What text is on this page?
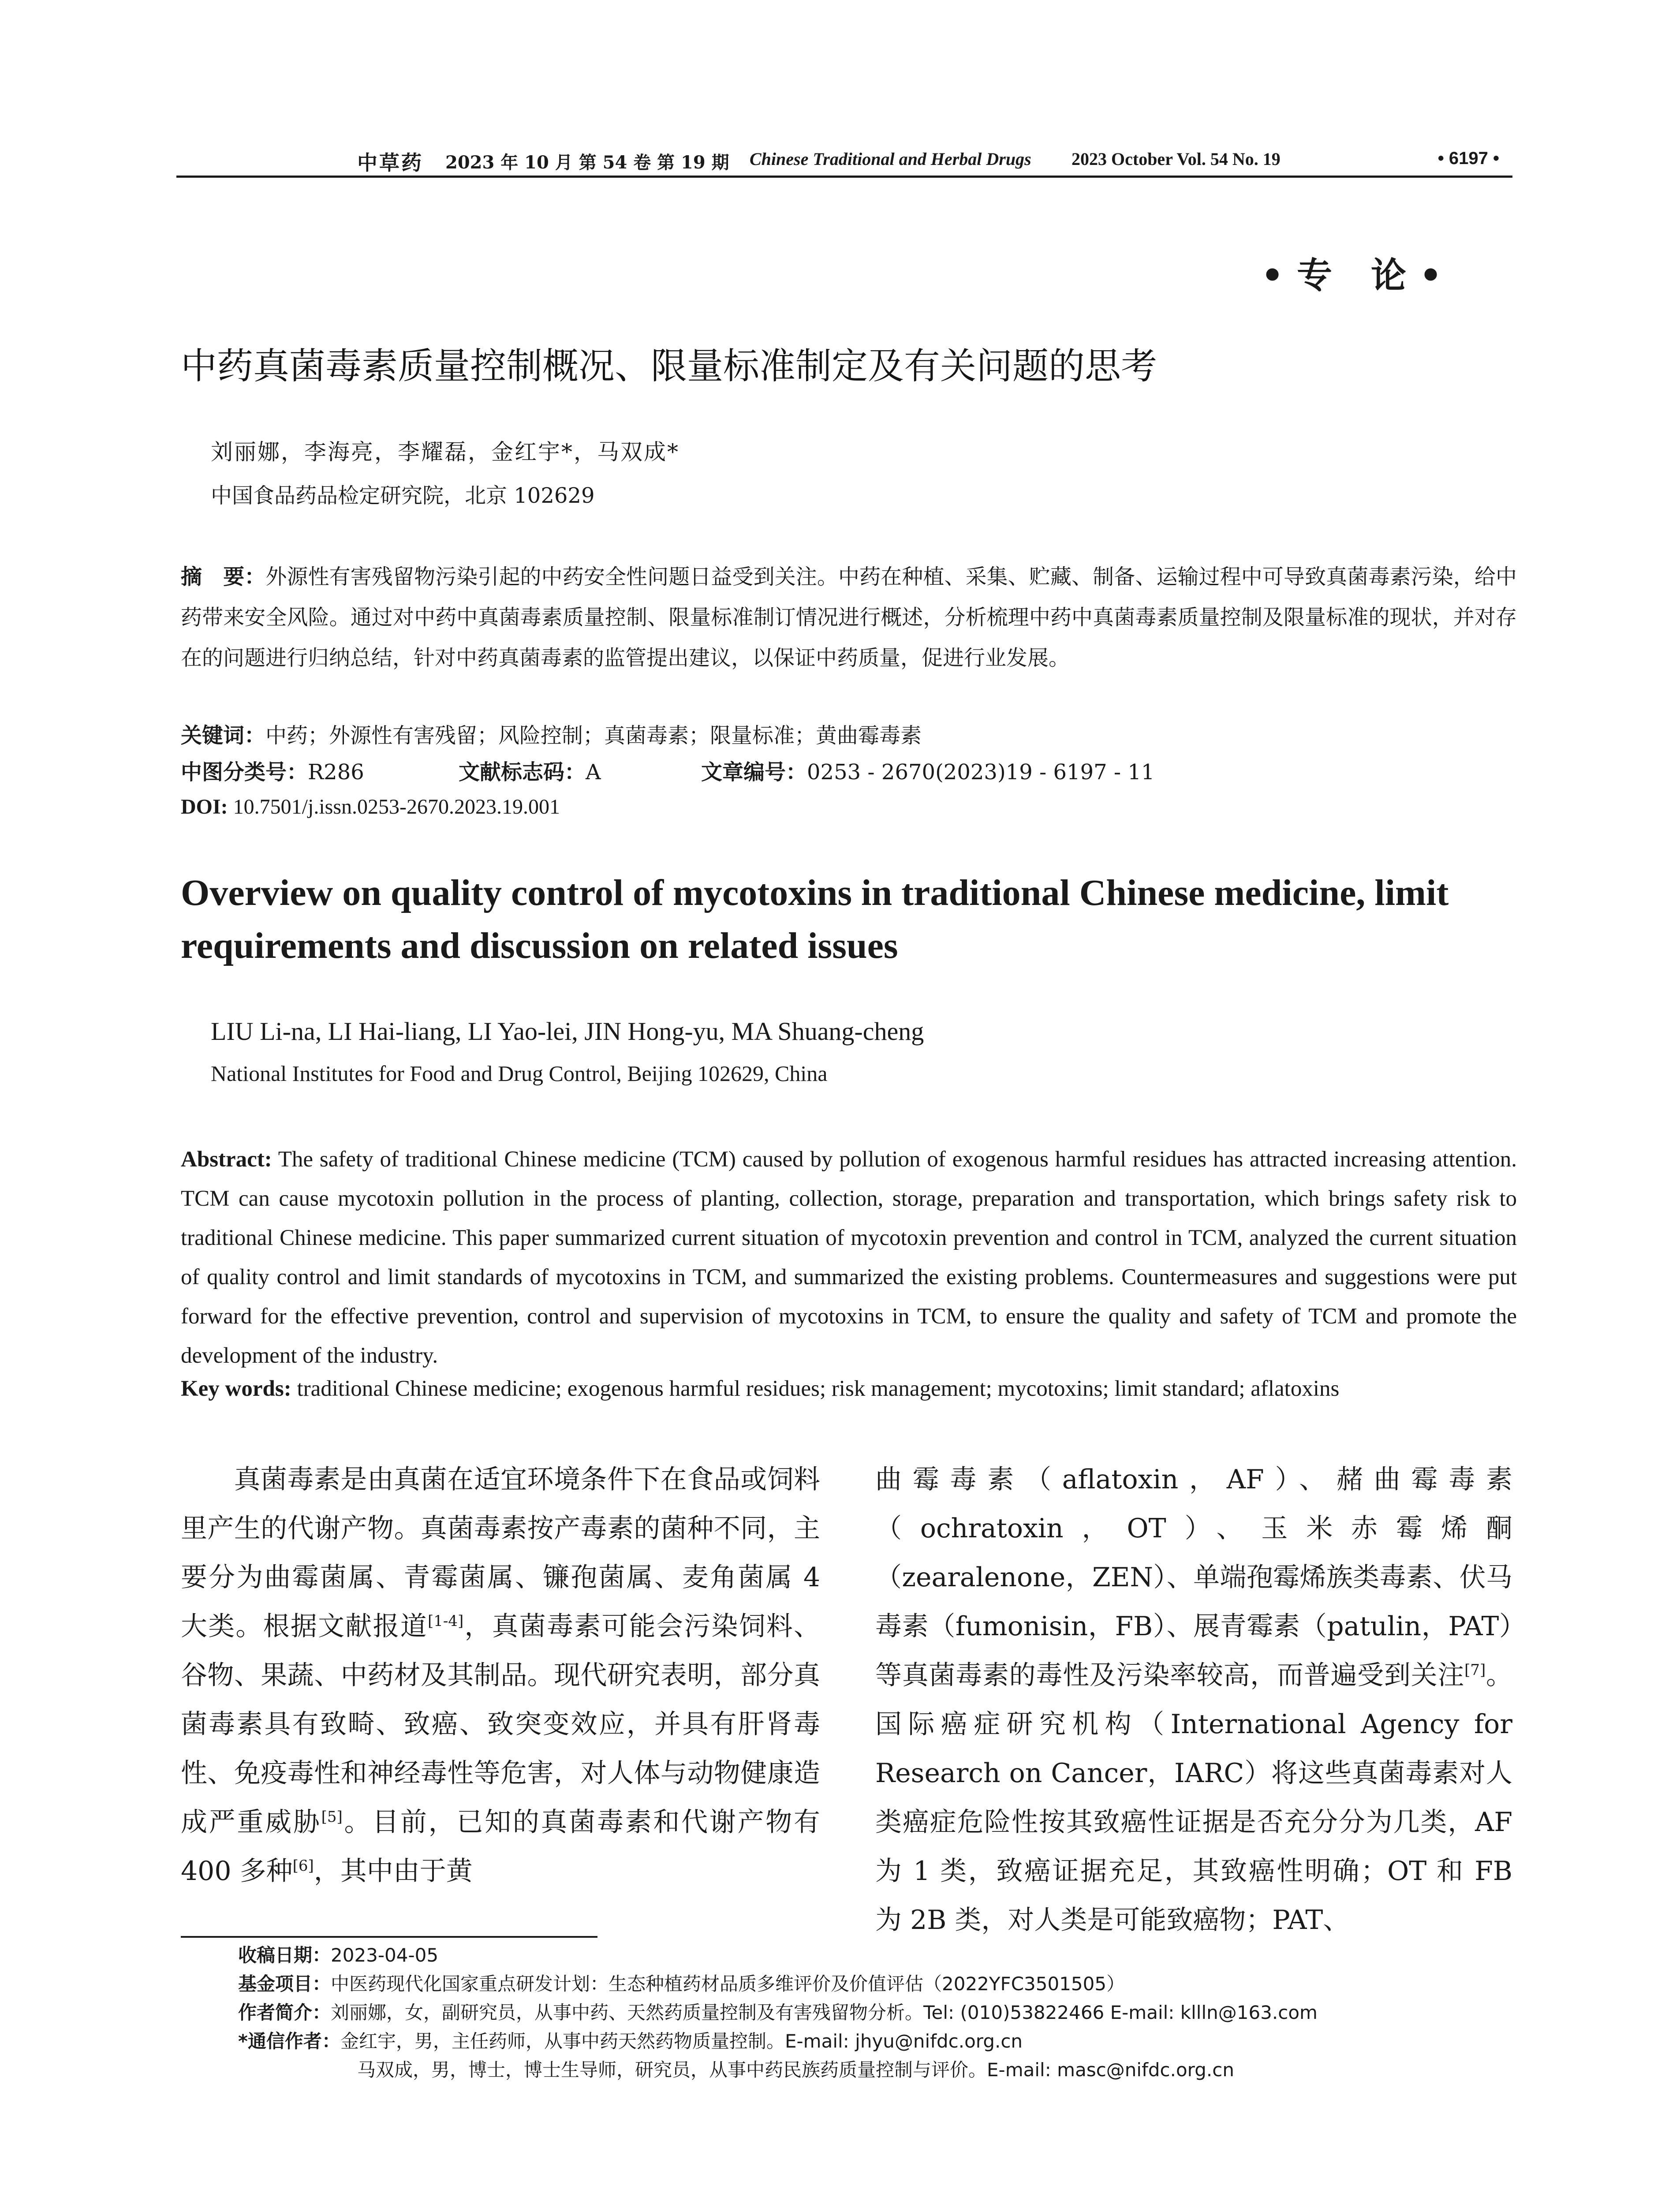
中草药 2023 年 10 月 第 54 卷 第 19 期 Chinese Traditional and Herbal Drugs 2023 October Vol. 54 No. 19	• 6197 •
•专 论•
中药真菌毒素质量控制概况、限量标准制定及有关问题的思考
刘丽娜，李海亮，李耀磊，金红宇*，马双成*
中国食品药品检定研究院，北京 102629
摘　要：外源性有害残留物污染引起的中药安全性问题日益受到关注。中药在种植、采集、贮藏、制备、运输过程中可导致真菌毒素污染，给中药带来安全风险。通过对中药中真菌毒素质量控制、限量标准制订情况进行概述，分析梳理中药中真菌毒素质量控制及限量标准的现状，并对存在的问题进行归纳总结，针对中药真菌毒素的监管提出建议，以保证中药质量，促进行业发展。
关键词：中药；外源性有害残留；风险控制；真菌毒素；限量标准；黄曲霉毒素
中图分类号：R286	文献标志码：A	文章编号：0253 - 2670(2023)19 - 6197 - 11
DOI: 10.7501/j.issn.0253-2670.2023.19.001
Overview on quality control of mycotoxins in traditional Chinese medicine, limit requirements and discussion on related issues
LIU Li-na, LI Hai-liang, LI Yao-lei, JIN Hong-yu, MA Shuang-cheng
National Institutes for Food and Drug Control, Beijing 102629, China
Abstract: The safety of traditional Chinese medicine (TCM) caused by pollution of exogenous harmful residues has attracted increasing attention. TCM can cause mycotoxin pollution in the process of planting, collection, storage, preparation and transportation, which brings safety risk to traditional Chinese medicine. This paper summarized current situation of mycotoxin prevention and control in TCM, analyzed the current situation of quality control and limit standards of mycotoxins in TCM, and summarized the existing problems. Countermeasures and suggestions were put forward for the effective prevention, control and supervision of mycotoxins in TCM, to ensure the quality and safety of TCM and promote the development of the industry.
Key words: traditional Chinese medicine; exogenous harmful residues; risk management; mycotoxins; limit standard; aflatoxins
真菌毒素是由真菌在适宜环境条件下在食品或饲料里产生的代谢产物。真菌毒素按产毒素的菌种不同，主要分为曲霉菌属、青霉菌属、镰孢菌属、麦角菌属 4 大类。根据文献报道[1-4]，真菌毒素可能会污染饲料、谷物、果蔬、中药材及其制品。现代研究表明，部分真菌毒素具有致畸、致癌、致突变效应，并具有肝肾毒性、免疫毒性和神经毒性等危害，对人体与动物健康造成严重威胁[5]。目前，已知的真菌毒素和代谢产物有 400 多种[6]，其中由于黄
曲霉毒素（aflatoxin，AF）、赭曲霉毒素（ochratoxin，OT）、玉米赤霉烯酮（zearalenone，ZEN）、单端孢霉烯族类毒素、伏马毒素（fumonisin，FB）、展青霉素（patulin，PAT）等真菌毒素的毒性及污染率较高，而普遍受到关注[7]。国际癌症研究机构（International Agency for Research on Cancer，IARC）将这些真菌毒素对人类癌症危险性按其致癌性证据是否充分分为几类，AF 为 1 类，致癌证据充足，其致癌性明确；OT 和 FB 为 2B 类，对人类是可能致癌物；PAT、
收稿日期：2023-04-05
基金项目：中医药现代化国家重点研发计划：生态种植药材品质多维评价及价值评估（2022YFC3501505）
作者简介：刘丽娜，女，副研究员，从事中药、天然药质量控制及有害残留物分析。Tel: (010)53822466 E-mail: kllln@163.com
*通信作者：金红宇，男，主任药师，从事中药天然药物质量控制。E-mail: jhyu@nifdc.org.cn
马双成，男，博士，博士生导师，研究员，从事中药民族药质量控制与评价。E-mail: masc@nifdc.org.cn
